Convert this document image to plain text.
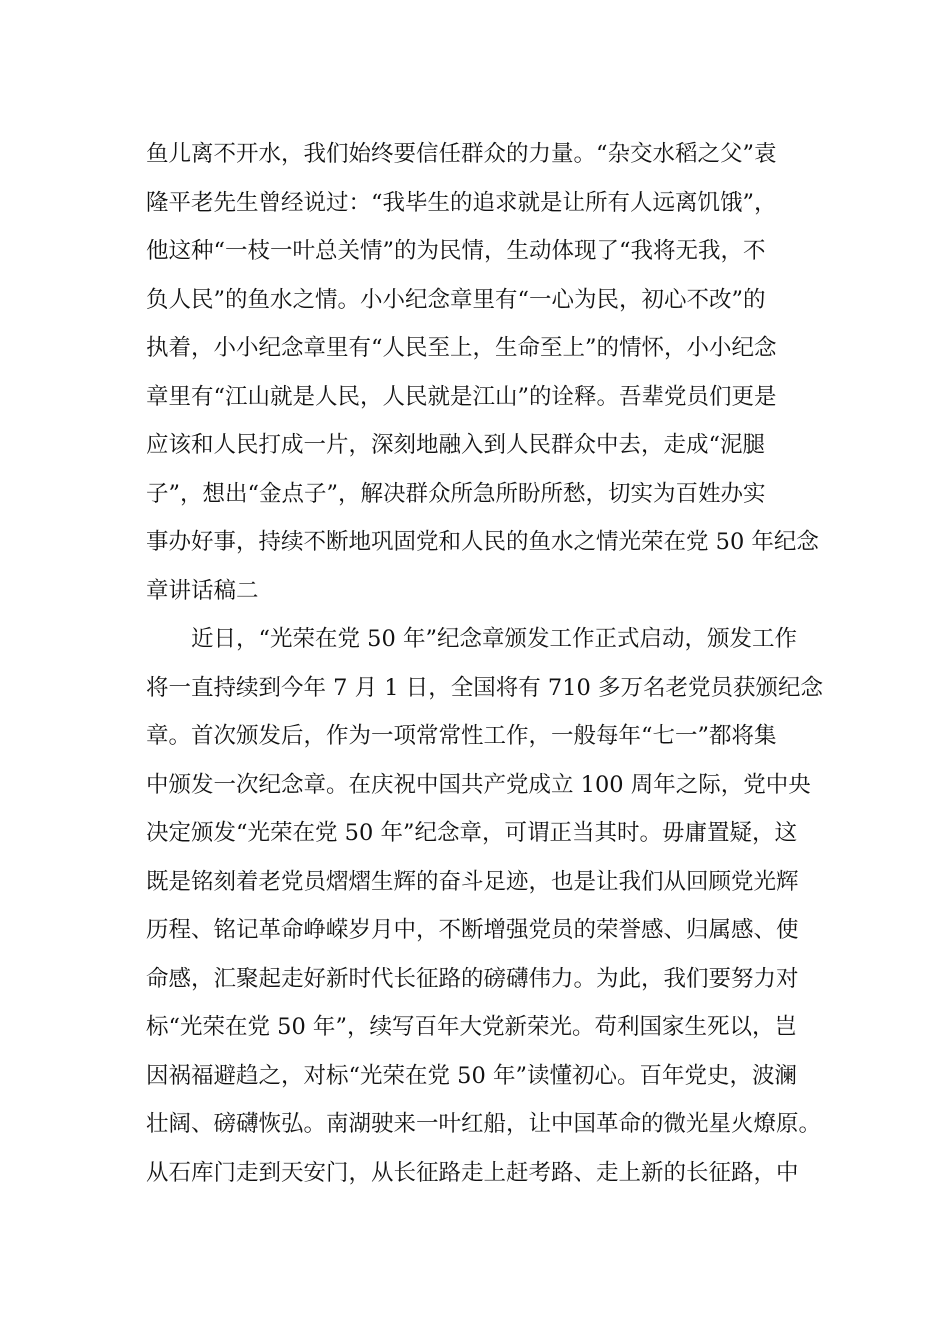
鱼儿离不开水，我们始终要信任群众的力量。“杂交水稻之父”袁
隆平老先生曾经说过：“我毕生的追求就是让所有人远离饥饿”，
他这种“一枝一叶总关情”的为民情，生动体现了“我将无我，不
负人民”的鱼水之情。小小纪念章里有“一心为民，初心不改”的
执着，小小纪念章里有“人民至上，生命至上”的情怀，小小纪念
章里有“江山就是人民，人民就是江山”的诠释。吾辈党员们更是
应该和人民打成一片，深刻地融入到人民群众中去，走成“泥腿
子”，想出“金点子”，解决群众所急所盼所愁，切实为百姓办实
事办好事，持续不断地巩固党和人民的鱼水之情光荣在党 50 年纪念
章讲话稿二
　　近日，“光荣在党 50 年”纪念章颁发工作正式启动，颁发工作
将一直持续到今年 7 月 1 日，全国将有 710 多万名老党员获颁纪念
章。首次颁发后，作为一项常常性工作，一般每年“七一”都将集
中颁发一次纪念章。在庆祝中国共产党成立 100 周年之际，党中央
决定颁发“光荣在党 50 年”纪念章，可谓正当其时。毋庸置疑，这
既是铭刻着老党员熠熠生辉的奋斗足迹，也是让我们从回顾党光辉
历程、铭记革命峥嵘岁月中，不断增强党员的荣誉感、归属感、使
命感，汇聚起走好新时代长征路的磅礴伟力。为此，我们要努力对
标“光荣在党 50 年”，续写百年大党新荣光。苟利国家生死以，岂
因祸福避趋之，对标“光荣在党 50 年”读懂初心。百年党史，波澜
壮阔、磅礴恢弘。南湖驶来一叶红船，让中国革命的微光星火燎原。
从石库门走到天安门，从长征路走上赶考路、走上新的长征路，中
